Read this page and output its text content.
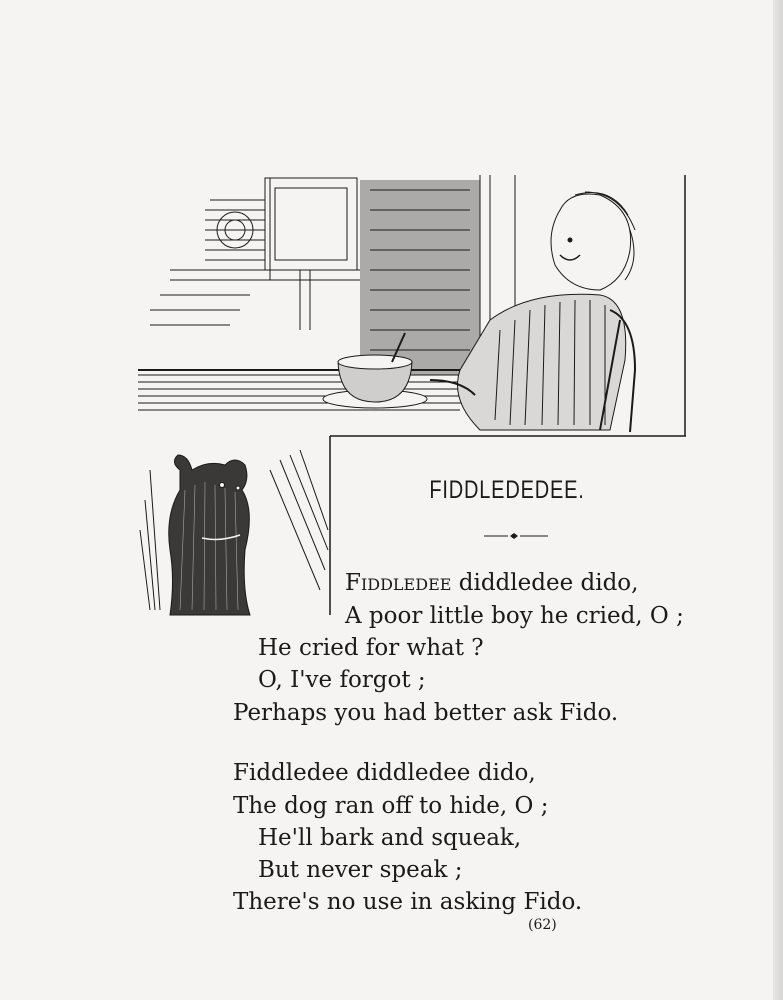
FIDDLEDEDEE.
Fiddledee diddledee dido,
A poor little boy he cried, O ;
He cried for what ?
O, I've forgot ;
Perhaps you had better ask Fido.
Fiddledee diddledee dido,
The dog ran off to hide, O ;
He'll bark and squeak,
But never speak ;
There's no use in asking Fido.
(62)
